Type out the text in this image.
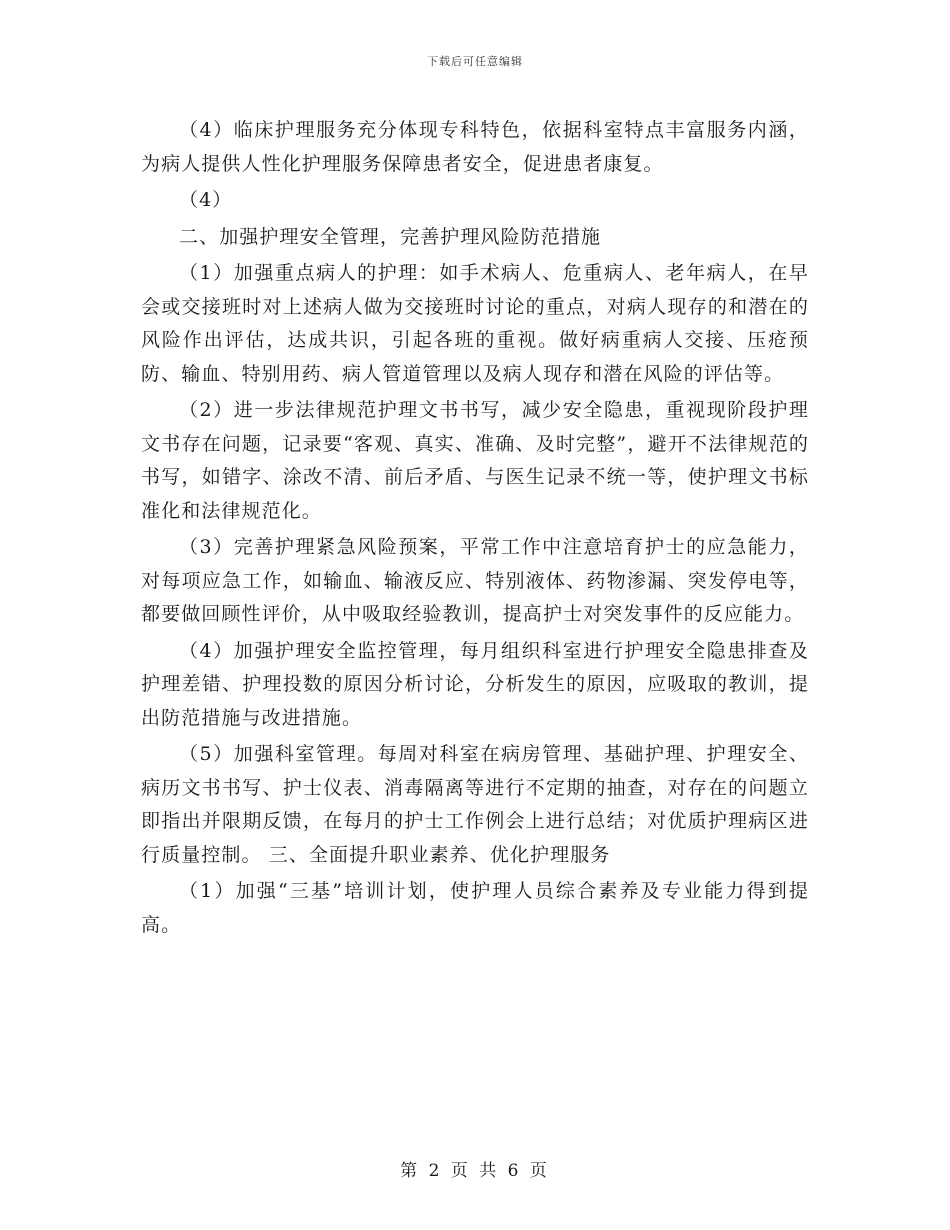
下载后可任意编辑

（4）临床护理服务充分体现专科特色，依据科室特点丰富服务内涵，为病人提供人性化护理服务保障患者安全，促进患者康复。

（4）

二、加强护理安全管理，完善护理风险防范措施

（1）加强重点病人的护理：如手术病人、危重病人、老年病人，在早会或交接班时对上述病人做为交接班时讨论的重点，对病人现存的和潜在的风险作出评估，达成共识，引起各班的重视。做好病重病人交接、压疮预防、输血、特别用药、病人管道管理以及病人现存和潜在风险的评估等。

（2）进一步法律规范护理文书书写，减少安全隐患，重视现阶段护理文书存在问题，记录要“客观、真实、准确、及时完整”，避开不法律规范的书写，如错字、涂改不清、前后矛盾、与医生记录不统一等，使护理文书标准化和法律规范化。

（3）完善护理紧急风险预案，平常工作中注意培育护士的应急能力，对每项应急工作，如输血、输液反应、特别液体、药物渗漏、突发停电等，都要做回顾性评价，从中吸取经验教训，提高护士对突发事件的反应能力。

（4）加强护理安全监控管理，每月组织科室进行护理安全隐患排查及护理差错、护理投数的原因分析讨论，分析发生的原因，应吸取的教训，提出防范措施与改进措施。

（5）加强科室管理。每周对科室在病房管理、基础护理、护理安全、病历文书书写、护士仪表、消毒隔离等进行不定期的抽查，对存在的问题立即指出并限期反馈，在每月的护士工作例会上进行总结；对优质护理病区进行质量控制。 三、全面提升职业素养、优化护理服务

（1）加强“三基”培训计划，使护理人员综合素养及专业能力得到提高。

第 2 页 共 6 页
